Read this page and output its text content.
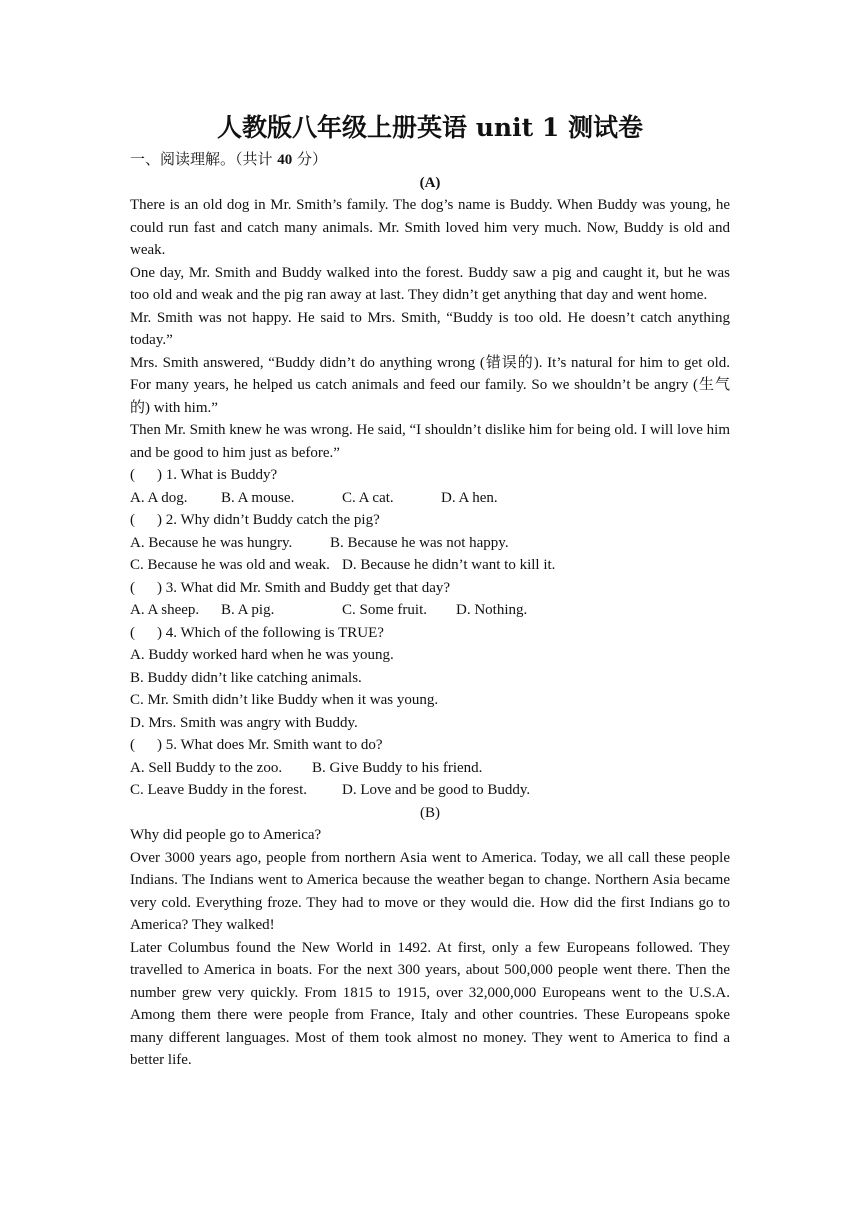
人教版八年级上册英语 unit 1 测试卷
一、阅读理解。（共计 40 分）
(A)

There is an old dog in Mr. Smith’s family. The dog’s name is Buddy. When Buddy was young, he could run fast and catch many animals. Mr. Smith loved him very much. Now, Buddy is old and weak.

One day, Mr. Smith and Buddy walked into the forest. Buddy saw a pig and caught it, but he was too old and weak and the pig ran away at last. They didn’t get anything that day and went home.

Mr. Smith was not happy. He said to Mrs. Smith, “Buddy is too old. He doesn’t catch anything today.”

Mrs. Smith answered, “Buddy didn’t do anything wrong (错误的). It’s natural for him to get old. For many years, he helped us catch animals and feed our family. So we shouldn’t be angry (生气的) with him.”

Then Mr. Smith knew he was wrong. He said, “I shouldn’t dislike him for being old. I will love him and be good to him just as before.”

( ) 1. What is Buddy?
A. A dog.	B. A mouse.	C. A cat.	D. A hen.
( ) 2. Why didn’t Buddy catch the pig?
A. Because he was hungry.	B. Because he was not happy.
C. Because he was old and weak. D. Because he didn’t want to kill it.
( ) 3. What did Mr. Smith and Buddy get that day?
A. A sheep.	B. A pig.	C. Some fruit.	D. Nothing.
( ) 4. Which of the following is TRUE?
A. Buddy worked hard when he was young.
B. Buddy didn’t like catching animals.
C. Mr. Smith didn’t like Buddy when it was young.
D. Mrs. Smith was angry with Buddy.
( ) 5. What does Mr. Smith want to do?
A. Sell Buddy to the zoo.	B. Give Buddy to his friend.
C. Leave Buddy in the forest.	D. Love and be good to Buddy.
(B)

Why did people go to America?

Over 3000 years ago, people from northern Asia went to America. Today, we all call these people Indians. The Indians went to America because the weather began to change. Northern Asia became very cold. Everything froze. They had to move or they would die. How did the first Indians go to America? They walked!

Later Columbus found the New World in 1492. At first, only a few Europeans followed. They travelled to America in boats. For the next 300 years, about 500,000 people went there. Then the number grew very quickly. From 1815 to 1915, over 32,000,000 Europeans went to the U.S.A. Among them there were people from France, Italy and other countries. These Europeans spoke many different languages. Most of them took almost no money. They went to America to find a better life.
